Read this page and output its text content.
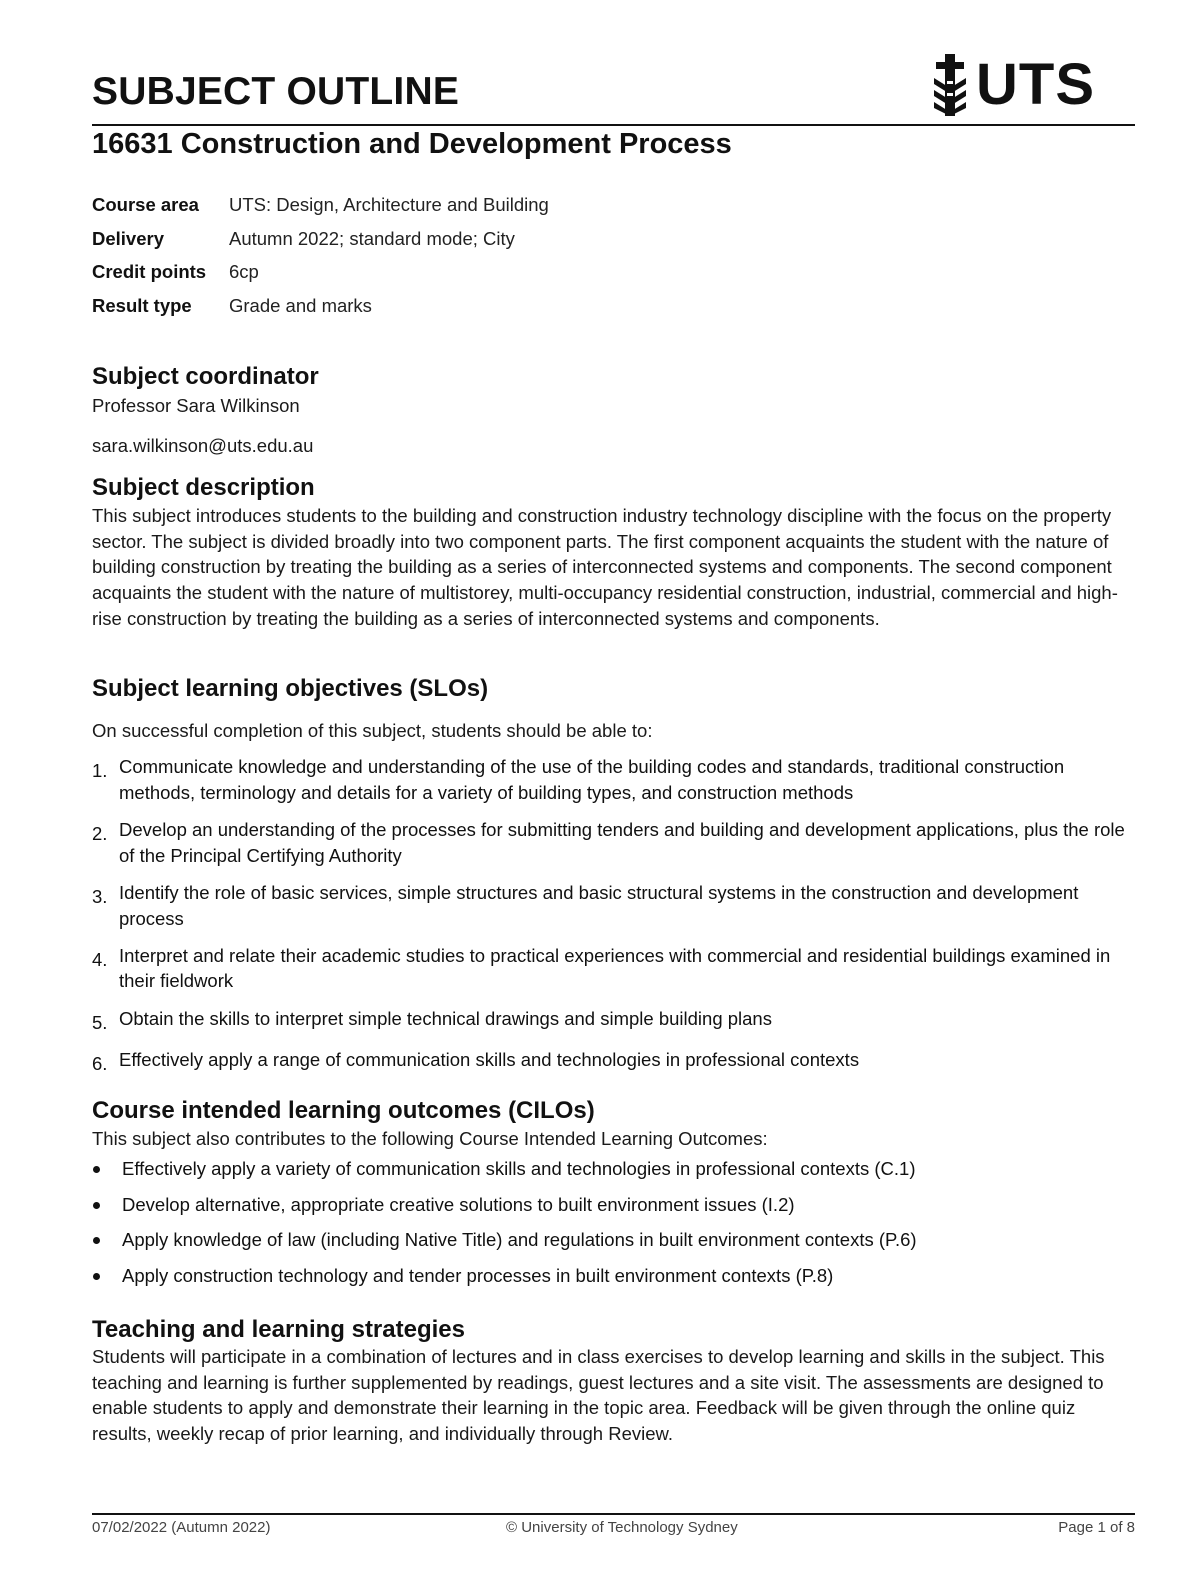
SUBJECT OUTLINE	UTS
16631 Construction and Development Process
Course area	UTS: Design, Architecture and Building
Delivery	Autumn 2022; standard mode; City
Credit points	6cp
Result type	Grade and marks
Subject coordinator

Professor Sara Wilkinson

sara.wilkinson@uts.edu.au

Subject description

This subject introduces students to the building and construction industry technology discipline with the focus on the property sector. The subject is divided broadly into two component parts. The first component acquaints the student with the nature of building construction by treating the building as a series of interconnected systems and components. The second component acquaints the student with the nature of multistorey, multi-occupancy residential construction, industrial, commercial and high-rise construction by treating the building as a series of interconnected systems and components.

Subject learning objectives (SLOs)

On successful completion of this subject, students should be able to:

1. Communicate knowledge and understanding of the use of the building codes and standards, traditional construction methods, terminology and details for a variety of building types, and construction methods
2. Develop an understanding of the processes for submitting tenders and building and development applications, plus the role of the Principal Certifying Authority
3. Identify the role of basic services, simple structures and basic structural systems in the construction and development process
4. Interpret and relate their academic studies to practical experiences with commercial and residential buildings examined in their fieldwork
5. Obtain the skills to interpret simple technical drawings and simple building plans
6. Effectively apply a range of communication skills and technologies in professional contexts
Course intended learning outcomes (CILOs)

This subject also contributes to the following Course Intended Learning Outcomes:

Effectively apply a variety of communication skills and technologies in professional contexts (C.1)
Develop alternative, appropriate creative solutions to built environment issues (I.2)
Apply knowledge of law (including Native Title) and regulations in built environment contexts (P.6)
Apply construction technology and tender processes in built environment contexts (P.8)
Teaching and learning strategies

Students will participate in a combination of lectures and in class exercises to develop learning and skills in the subject. This teaching and learning is further supplemented by readings, guest lectures and a site visit. The assessments are designed to enable students to apply and demonstrate their learning in the topic area. Feedback will be given through the online quiz results, weekly recap of prior learning, and individually through Review.

07/02/2022 (Autumn 2022)	© University of Technology Sydney	Page 1 of 8
